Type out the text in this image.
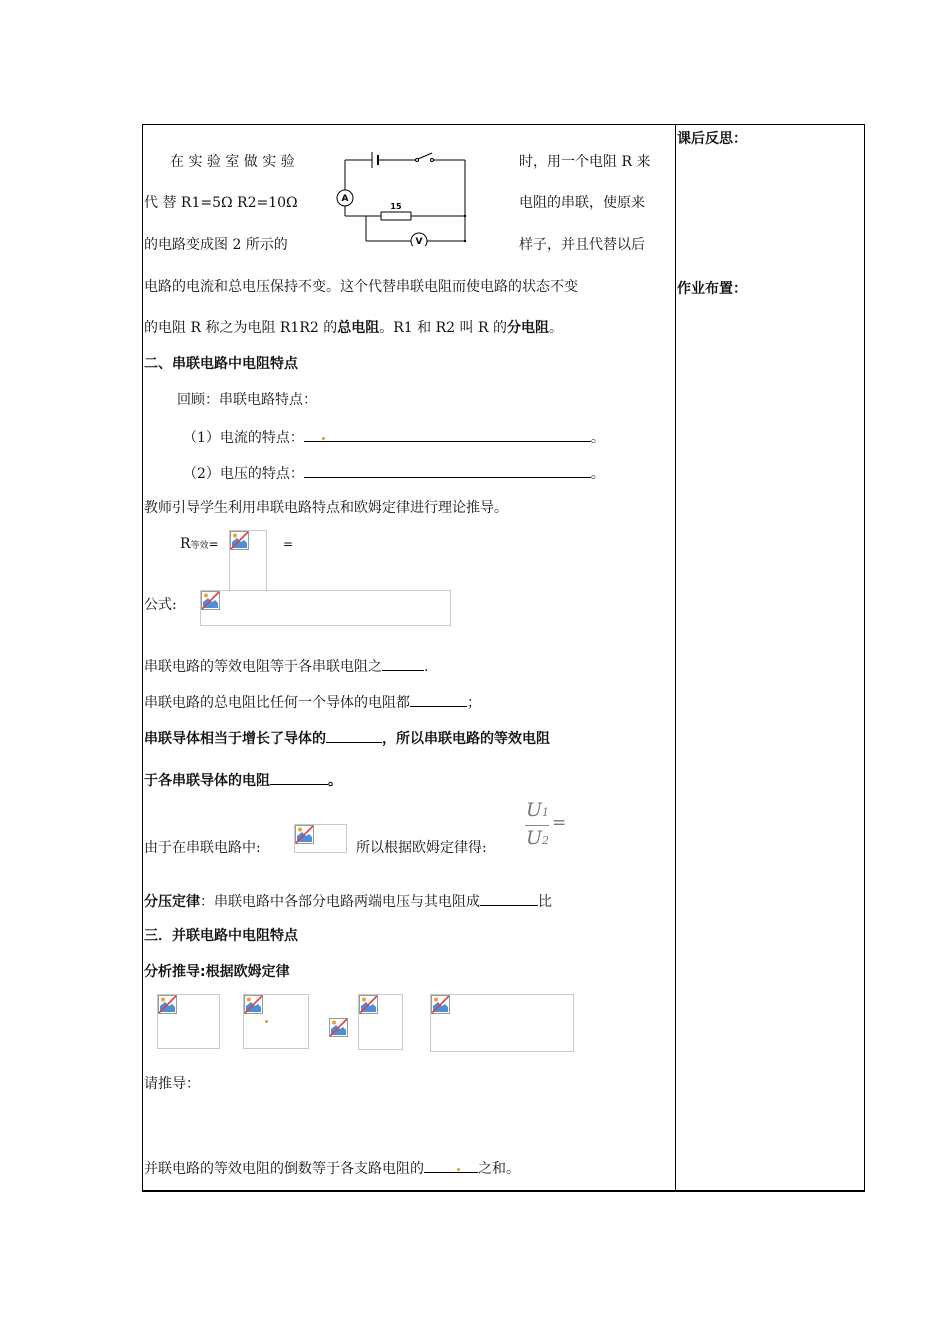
课后反思：
作业布置：
A
15
V
在 实 验 室 做 实 验	时，用一个电阻 R 来
代 替 R1=5Ω R2=10Ω	电阻的串联，使原来
的电路变成图 2 所示的	样子，并且代替以后
电路的电流和总电压保持不变。这个代替串联电阻而使电路的状态不变
的电阻 R 称之为电阻 R1R2 的总电阻。R1 和 R2 叫 R 的分电阻。
二、串联电路中电阻特点
回顾：串联电路特点：
（1）电流的特点：	。
（2）电压的特点：	。
教师引导学生利用串联电路特点和欧姆定律进行理论推导。
R等效=	=
公式:
串联电路的等效电阻等于各串联电阻之	.
串联电路的总电阻比任何一个导体的电阻都	；
串联导体相当于增长了导体的	，所以串联电路的等效电阻
于各串联导体的电阻	。
由于在串联电路中:	所以根据欧姆定律得:
U1
U2
=
分压定律：串联电路中各部分电路两端电压与其电阻成	比
三．并联电路中电阻特点
分析推导:根据欧姆定律
请推导：
并联电路的等效电阻的倒数等于各支路电阻的	之和。
